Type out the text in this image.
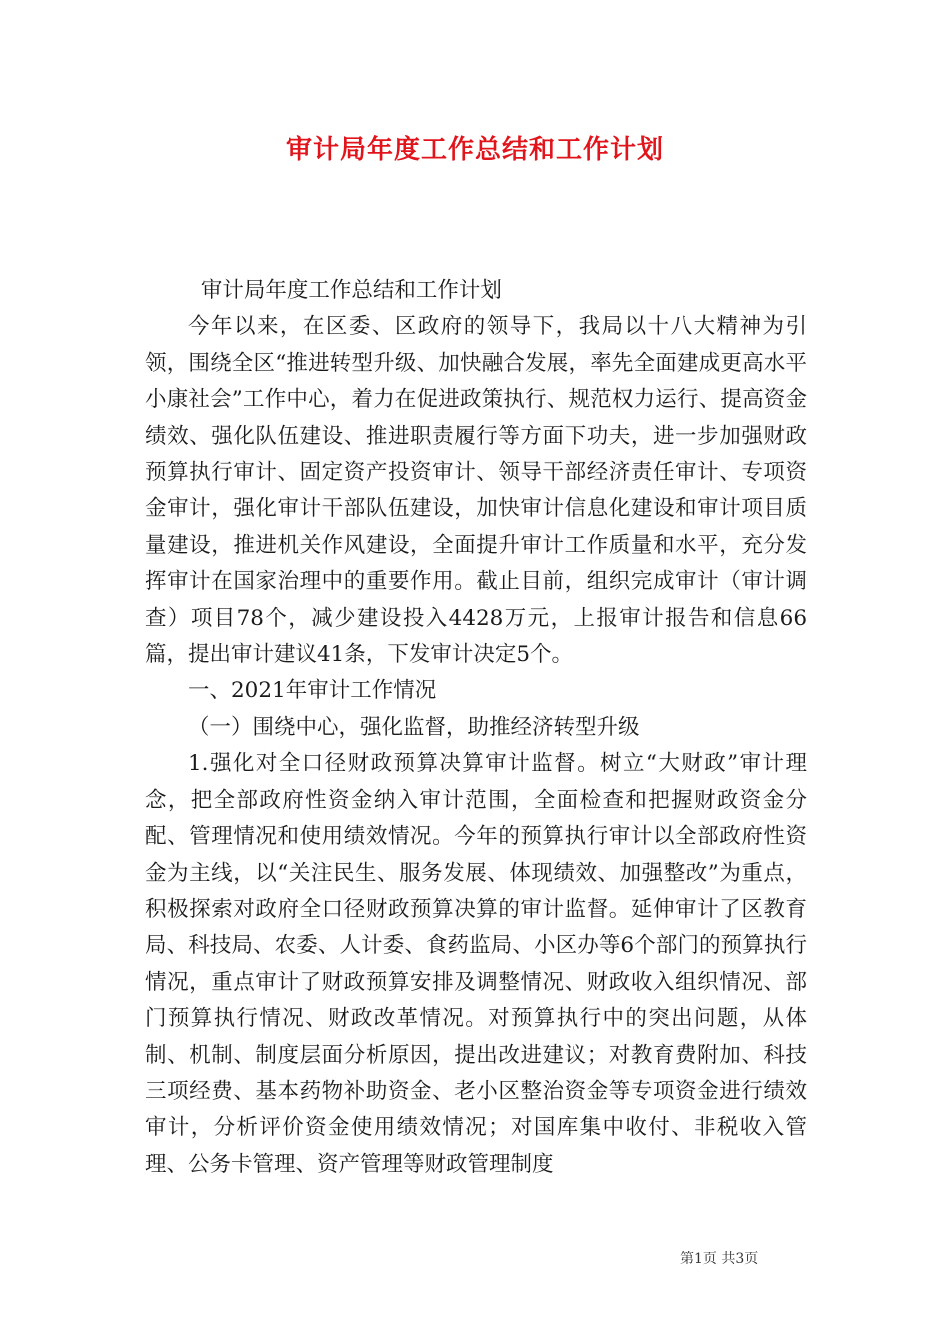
审计局年度工作总结和工作计划

审计局年度工作总结和工作计划

今年以来，在区委、区政府的领导下，我局以十八大精神为引领，围绕全区“推进转型升级、加快融合发展，率先全面建成更高水平小康社会”工作中心，着力在促进政策执行、规范权力运行、提高资金绩效、强化队伍建设、推进职责履行等方面下功夫，进一步加强财政预算执行审计、固定资产投资审计、领导干部经济责任审计、专项资金审计，强化审计干部队伍建设，加快审计信息化建设和审计项目质量建设，推进机关作风建设，全面提升审计工作质量和水平，充分发挥审计在国家治理中的重要作用。截止目前，组织完成审计（审计调查）项目78个，减少建设投入4428万元，上报审计报告和信息66篇，提出审计建议41条，下发审计决定5个。

一、2021年审计工作情况

（一）围绕中心，强化监督，助推经济转型升级

1.强化对全口径财政预算决算审计监督。树立“大财政”审计理念，把全部政府性资金纳入审计范围，全面检查和把握财政资金分配、管理情况和使用绩效情况。今年的预算执行审计以全部政府性资金为主线，以“关注民生、服务发展、体现绩效、加强整改”为重点，积极探索对政府全口径财政预算决算的审计监督。延伸审计了区教育局、科技局、农委、人计委、食药监局、小区办等6个部门的预算执行情况，重点审计了财政预算安排及调整情况、财政收入组织情况、部门预算执行情况、财政改革情况。对预算执行中的突出问题，从体制、机制、制度层面分析原因，提出改进建议；对教育费附加、科技三项经费、基本药物补助资金、老小区整治资金等专项资金进行绩效审计，分析评价资金使用绩效情况；对国库集中收付、非税收入管理、公务卡管理、资产管理等财政管理制度

第1页 共3页
